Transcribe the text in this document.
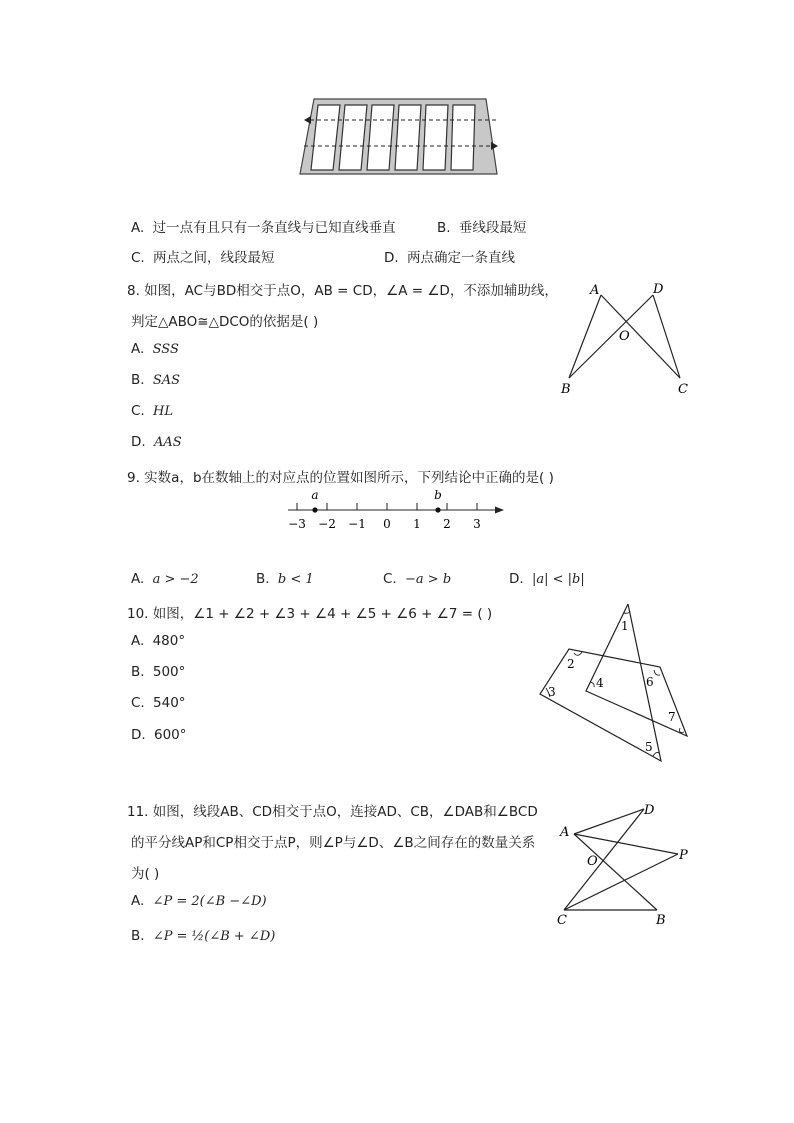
A. 过一点有且只有一条直线与已知直线垂直	B. 垂线段最短
C. 两点之间，线段最短	D. 两点确定一条直线
8. 如图，AC与BD相交于点O，AB = CD，∠A = ∠D，不添加辅助线，
判定△ABO≅△DCO的依据是( )
A. SSS
B. SAS
C. HL
D. AAS
A	D
O
B	C
9. 实数a，b在数轴上的对应点的位置如图所示，下列结论中正确的是( )
−3 −2 −1 0 1 2 3
a	b
A. a > −2	B. b < 1	C. −a > b	D. |a| < |b|
10. 如图，∠1 + ∠2 + ∠3 + ∠4 + ∠5 + ∠6 + ∠7 = ( )
A. 480°
B. 500°
C. 540°
D. 600°
1
2
3
4
5
6
7
11. 如图，线段AB、CD相交于点O，连接AD、CB，∠DAB和∠BCD
的平分线AP和CP相交于点P，则∠P与∠D、∠B之间存在的数量关系
为( )
A. ∠P = 2(∠B −∠D)
B. ∠P = ½(∠B + ∠D)
A
D
O	P
C	B
